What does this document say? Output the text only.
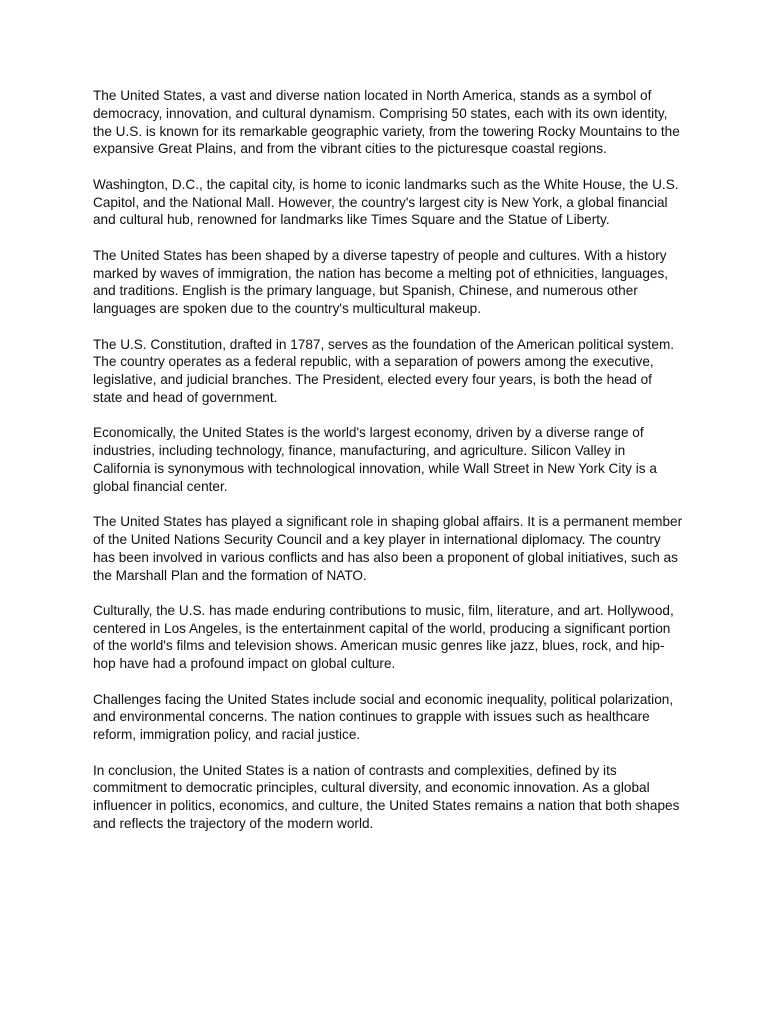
The United States, a vast and diverse nation located in North America, stands as a symbol of democracy, innovation, and cultural dynamism. Comprising 50 states, each with its own identity, the U.S. is known for its remarkable geographic variety, from the towering Rocky Mountains to the expansive Great Plains, and from the vibrant cities to the picturesque coastal regions.

Washington, D.C., the capital city, is home to iconic landmarks such as the White House, the U.S. Capitol, and the National Mall. However, the country's largest city is New York, a global financial and cultural hub, renowned for landmarks like Times Square and the Statue of Liberty.

The United States has been shaped by a diverse tapestry of people and cultures. With a history marked by waves of immigration, the nation has become a melting pot of ethnicities, languages, and traditions. English is the primary language, but Spanish, Chinese, and numerous other languages are spoken due to the country's multicultural makeup.

The U.S. Constitution, drafted in 1787, serves as the foundation of the American political system. The country operates as a federal republic, with a separation of powers among the executive, legislative, and judicial branches. The President, elected every four years, is both the head of state and head of government.

Economically, the United States is the world's largest economy, driven by a diverse range of industries, including technology, finance, manufacturing, and agriculture. Silicon Valley in California is synonymous with technological innovation, while Wall Street in New York City is a global financial center.

The United States has played a significant role in shaping global affairs. It is a permanent member of the United Nations Security Council and a key player in international diplomacy. The country has been involved in various conflicts and has also been a proponent of global initiatives, such as the Marshall Plan and the formation of NATO.

Culturally, the U.S. has made enduring contributions to music, film, literature, and art. Hollywood, centered in Los Angeles, is the entertainment capital of the world, producing a significant portion of the world's films and television shows. American music genres like jazz, blues, rock, and hip-hop have had a profound impact on global culture.

Challenges facing the United States include social and economic inequality, political polarization, and environmental concerns. The nation continues to grapple with issues such as healthcare reform, immigration policy, and racial justice.

In conclusion, the United States is a nation of contrasts and complexities, defined by its commitment to democratic principles, cultural diversity, and economic innovation. As a global influencer in politics, economics, and culture, the United States remains a nation that both shapes and reflects the trajectory of the modern world.
